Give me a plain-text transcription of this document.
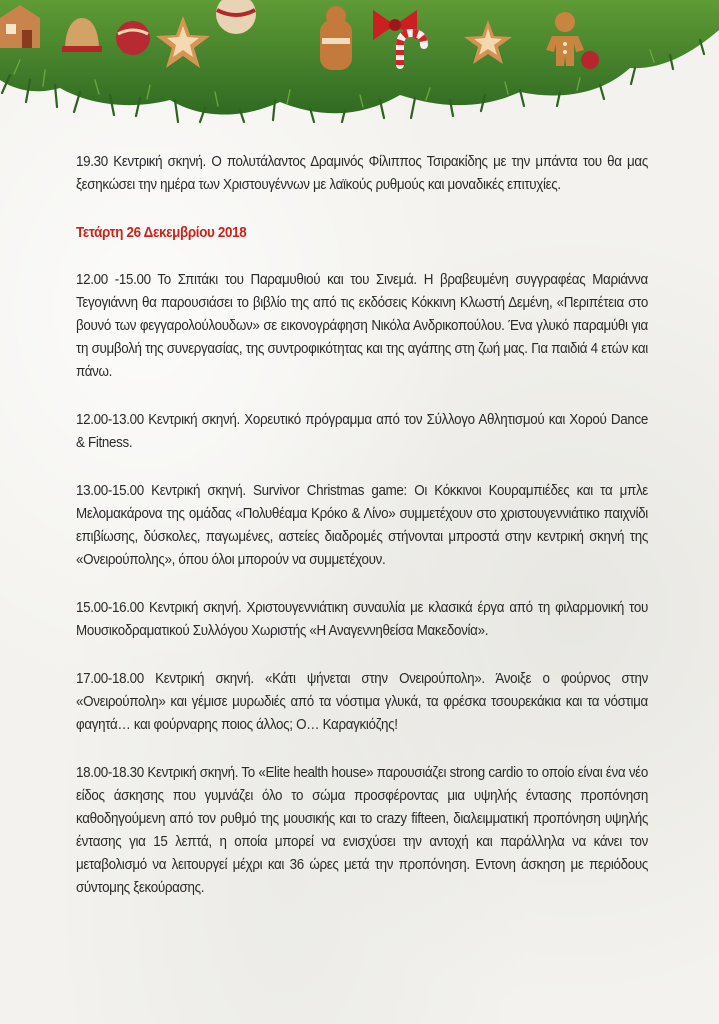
19.30 Κεντρική σκηνή. Ο πολυτάλαντος Δραμινός Φίλιππος Τσιρακίδης με την μπάντα του θα μας ξεσηκώσει την ημέρα των Χριστουγέννων με λαϊκούς ρυθμούς και μοναδικές επιτυχίες.

Τετάρτη 26 Δεκεμβρίου 2018

12.00 -15.00 Το Σπιτάκι του Παραμυθιού και του Σινεμά. Η βραβευμένη συγγραφέας Μαριάννα Τεγογιάννη θα παρουσιάσει το βιβλίο της από τις εκδόσεις Κόκκινη Κλωστή Δεμένη, «Περιπέτεια στο βουνό των φεγγαρολούλουδων» σε εικονογράφηση Νικόλα Ανδρικοπούλου. Ένα γλυκό παραμύθι για τη συμβολή της συνεργασίας, της συντροφικότητας και της αγάπης στη ζωή μας. Για παιδιά 4 ετών και πάνω.

12.00-13.00 Κεντρική σκηνή. Χορευτικό πρόγραμμα από τον Σύλλογο Αθλητισμού και Χορού Dance & Fitness.

13.00-15.00 Κεντρική σκηνή. Survivor Christmas game: Οι Κόκκινοι Κουραμπιέδες και τα μπλε Μελομακάρονα της ομάδας «Πολυθέαμα Κρόκο & Λίνο» συμμετέχουν στο χριστουγεννιάτικο παιχνίδι επιβίωσης, δύσκολες, παγωμένες, αστείες διαδρομές στήνονται μπροστά στην κεντρική σκηνή της «Ονειρούπολης», όπου όλοι μπορούν να συμμετέχουν.

15.00-16.00 Κεντρική σκηνή. Χριστουγεννιάτικη συναυλία με κλασικά έργα από τη φιλαρμονική του Μουσικοδραματικού Συλλόγου Χωριστής «Η Αναγεννηθείσα Μακεδονία».

17.00-18.00 Κεντρική σκηνή. «Κάτι ψήνεται στην Ονειρούπολη». Άνοιξε ο φούρνος στην «Ονειρούπολη» και γέμισε μυρωδιές από τα νόστιμα γλυκά, τα φρέσκα τσουρεκάκια και τα νόστιμα φαγητά… και φούρναρης ποιος άλλος; Ο… Καραγκιόζης!

18.00-18.30 Κεντρική σκηνή. Το «Elite health house» παρουσιάζει strong cardio το οποίο είναι ένα νέο είδος άσκησης που γυμνάζει όλο το σώμα προσφέροντας μια υψηλής έντασης προπόνηση καθοδηγούμενη από τον ρυθμό της μουσικής και το crazy fifteen, διαλειμματική προπόνηση υψηλής έντασης για 15 λεπτά, η οποία μπορεί να ενισχύσει την αντοχή και παράλληλα να κάνει τον μεταβολισμό να λειτουργεί μέχρι και 36 ώρες μετά την προπόνηση. Εντονη άσκηση με περιόδους σύντομης ξεκούρασης.
